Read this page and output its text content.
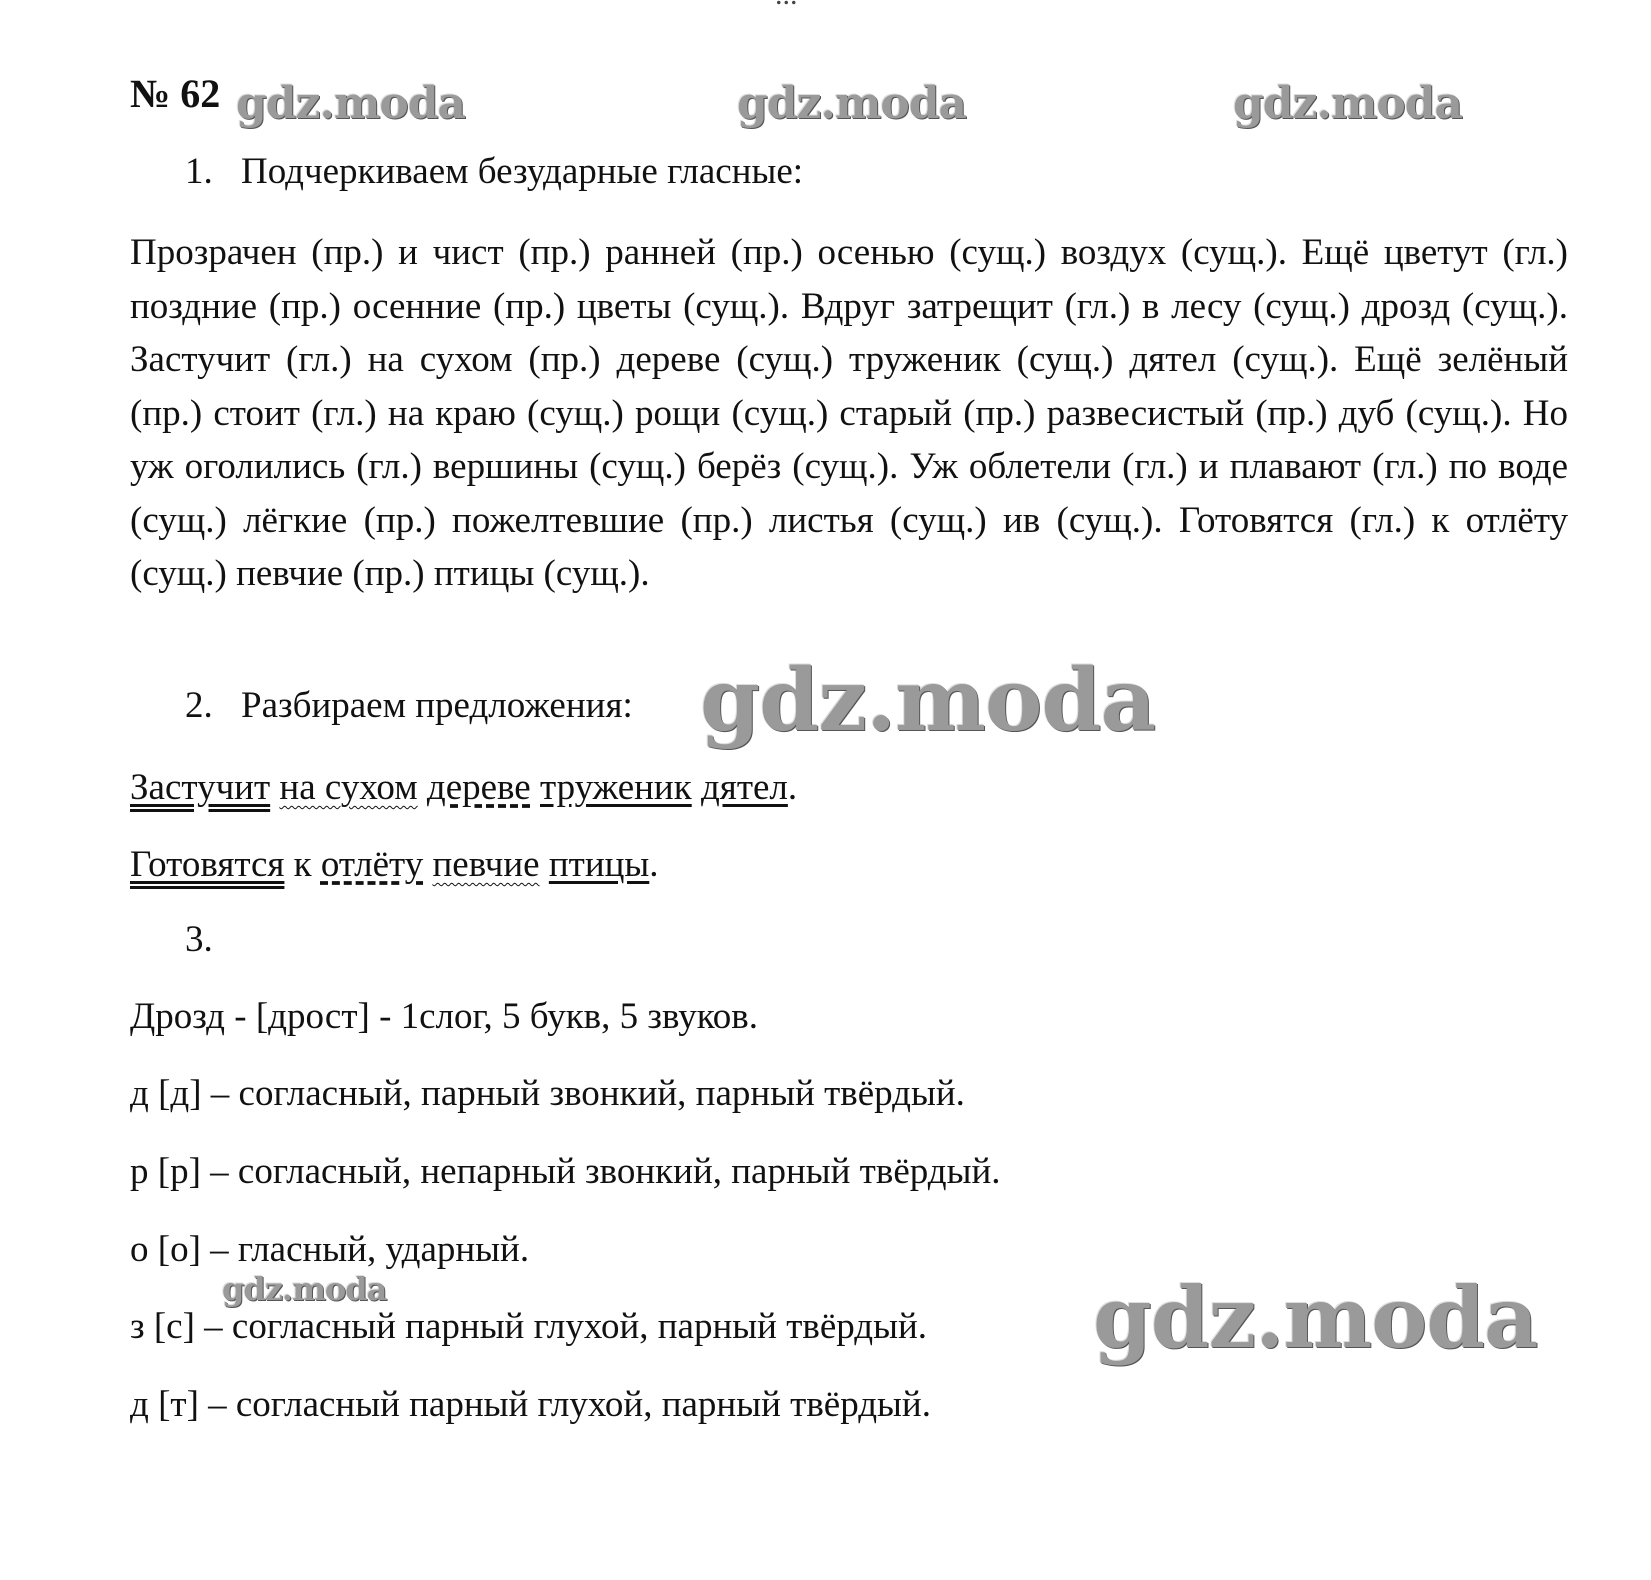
№ 62 gdz.moda	gdz.moda	gdz.moda
1. Подчеркиваем безударные гласные:
Прозрачен (пр.) и чист (пр.) ранней (пр.) осенью (сущ.) воздух (сущ.). Ещё цветут (гл.) поздние (пр.) осенние (пр.) цветы (сущ.). Вдруг затрещит (гл.) в лесу (сущ.) дрозд (сущ.). Застучит (гл.) на сухом (пр.) дереве (сущ.) труженик (сущ.) дятел (сущ.). Ещё зелёный (пр.) стоит (гл.) на краю (сущ.) рощи (сущ.) старый (пр.) развесистый (пр.) дуб (сущ.). Но уж оголились (гл.) вершины (сущ.) берёз (сущ.). Уж облетели (гл.) и плавают (гл.) по воде (сущ.) лёгкие (пр.) пожелтевшие (пр.) листья (сущ.) ив (сущ.). Готовятся (гл.) к отлёту (сущ.) певчие (пр.) птицы (сущ.).
2. Разбираем предложения: gdz.moda
Застучит на сухом дереве труженик дятел.
Готовятся к отлёту певчие птицы.
3.
Дрозд - [дрост] - 1слог, 5 букв, 5 звуков.
д [д] – согласный, парный звонкий, парный твёрдый.
р [р] – согласный, непарный звонкий, парный твёрдый.
о [о] – гласный, ударный.
gdz.moda
з [с] – согласный парный глухой, парный твёрдый. gdz.moda
д [т] – согласный парный глухой, парный твёрдый.
